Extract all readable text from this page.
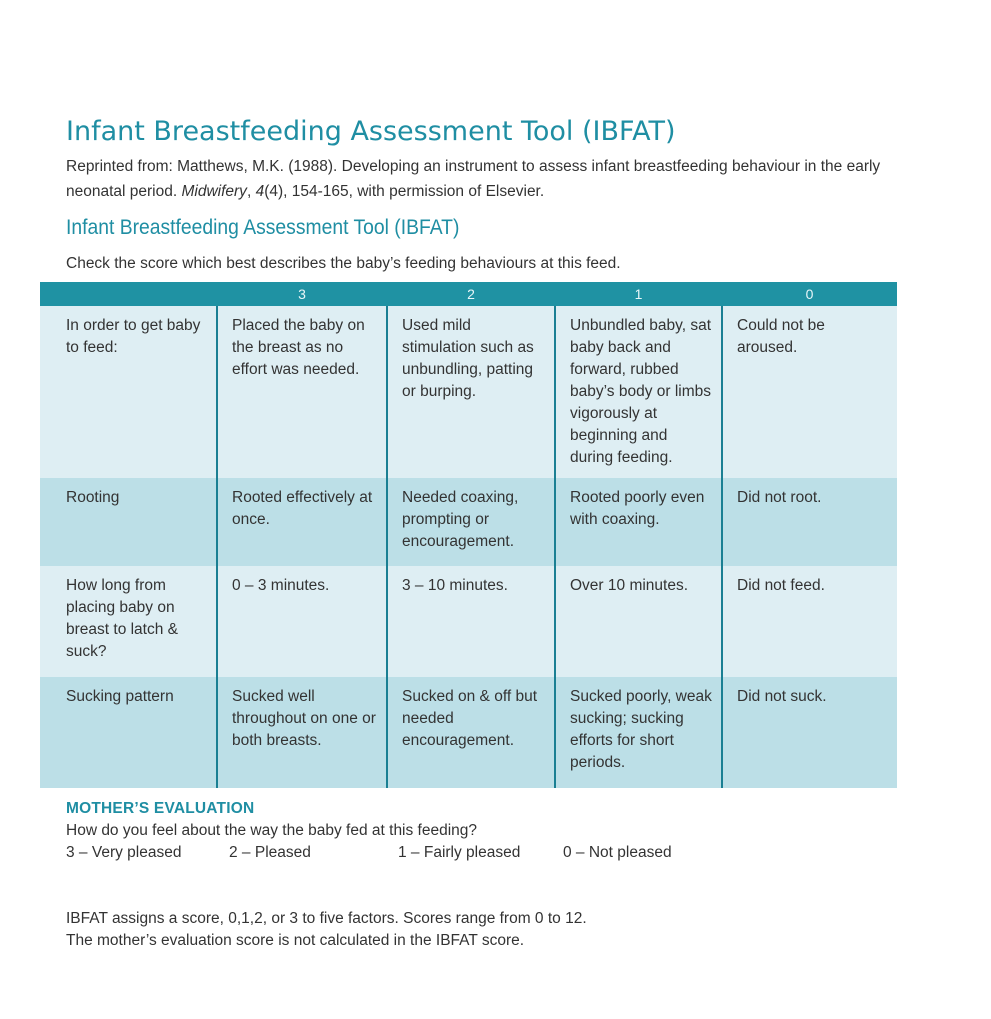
Infant Breastfeeding Assessment Tool (IBFAT)
Reprinted from: Matthews, M.K. (1988). Developing an instrument to assess infant breastfeeding behaviour in the early neonatal period. Midwifery, 4(4), 154-165, with permission of Elsevier.
Infant Breastfeeding Assessment Tool (IBFAT)
Check the score which best describes the baby’s feeding behaviours at this feed.
	3	2	1	0
In order to get baby to feed:	Placed the baby on the breast as no effort was needed.	Used mild stimulation such as unbundling, patting or burping.	Unbundled baby, sat baby back and forward, rubbed baby’s body or limbs vigorously at beginning and during feeding.	Could not be aroused.
Rooting	Rooted effectively at once.	Needed coaxing, prompting or encouragement.	Rooted poorly even with coaxing.	Did not root.
How long from placing baby on breast to latch & suck?	0 – 3 minutes.	3 – 10 minutes.	Over 10 minutes.	Did not feed.
Sucking pattern	Sucked well throughout on one or both breasts.	Sucked on & off but needed encouragement.	Sucked poorly, weak sucking; sucking efforts for short periods.	Did not suck.
MOTHER’S EVALUATION
How do you feel about the way the baby fed at this feeding?
3 – Very pleased	2 – Pleased	1 – Fairly pleased	0 – Not pleased
IBFAT assigns a score, 0,1,2, or 3 to five factors. Scores range from 0 to 12.
The mother’s evaluation score is not calculated in the IBFAT score.
